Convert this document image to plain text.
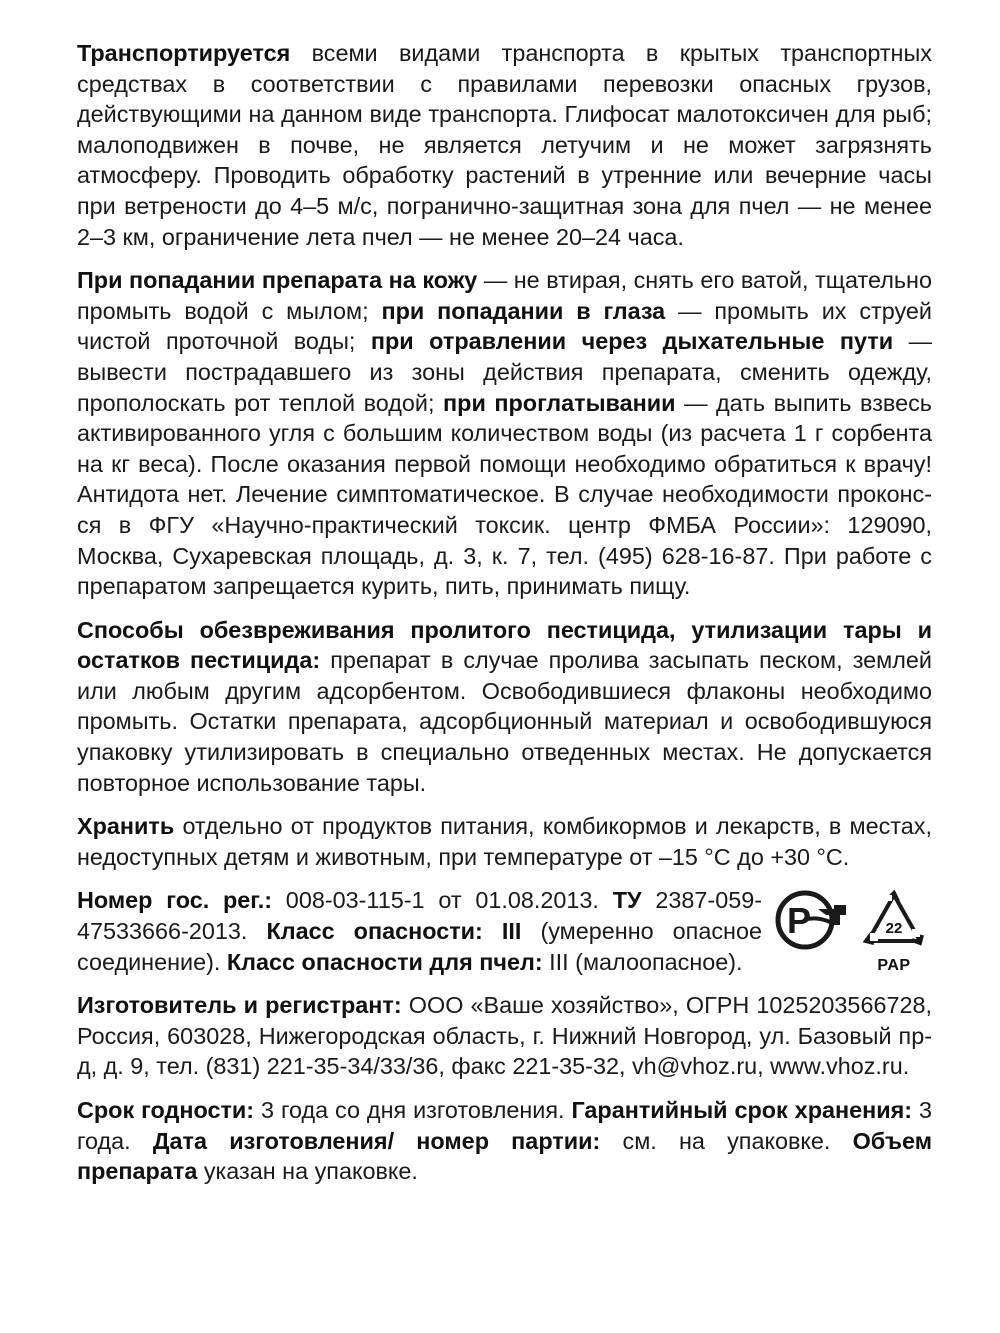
Транспортируется всеми видами транспорта в крытых транспортных средствах в соответствии с правилами перевозки опасных грузов, действующими на данном виде транспорта. Глифосат малотоксичен для рыб; малоподвижен в почве, не является летучим и не может загрязнять атмосферу. Проводить обработку растений в утренние или вечерние часы при ветрености до 4–5 м/с, погранично-защитная зона для пчел — не менее 2–3 км, ограничение лета пчел — не менее 20–24 часа.

При попадании препарата на кожу — не втирая, снять его ватой, тщательно промыть водой с мылом; при попадании в глаза — промыть их струей чистой проточной воды; при отравлении через дыхательные пути — вывести пострадавшего из зоны действия препарата, сменить одежду, прополоскать рот теплой водой; при проглатывании — дать выпить взвесь активированного угля с большим количеством воды (из расчета 1 г сорбента на кг веса). После оказания первой помощи необходимо обратиться к врачу! Антидота нет. Лечение симптоматическое. В случае необходимости проконс-ся в ФГУ «Научно-практический токсик. центр ФМБА России»: 129090, Москва, Сухаревская площадь, д. 3, к. 7, тел. (495) 628-16-87. При работе с препаратом запрещается курить, пить, принимать пищу.

Способы обезвреживания пролитого пестицида, утилизации тары и остатков пестицида: препарат в случае пролива засыпать песком, землей или любым другим адсорбентом. Освободившиеся флаконы необходимо промыть. Остатки препарата, адсорбционный материал и освободившуюся упаковку утилизировать в специально отведенных местах. Не допускается повторное использование тары.

Хранить отдельно от продуктов питания, комбикормов и лекарств, в местах, недоступных детям и животным, при температуре от –15 °С до +30 °С.

Номер гос. рег.: 008-03-115-1 от 01.08.2013. ТУ 2387-059-47533666-2013. Класс опасности: III (умеренно опасное соединение). Класс опасности для пчел: III (малоопасное).

Р	22
PAP

Изготовитель и регистрант: ООО «Ваше хозяйство», ОГРН 1025203566728, Россия, 603028, Нижегородская область, г. Нижний Новгород, ул. Базовый пр-д, д. 9, тел. (831) 221-35-34/33/36, факс 221-35-32, vh@vhoz.ru, www.vhoz.ru.

Срок годности: 3 года со дня изготовления. Гарантийный срок хранения: 3 года. Дата изготовления/ номер партии: см. на упаковке. Объем препарата указан на упаковке.
